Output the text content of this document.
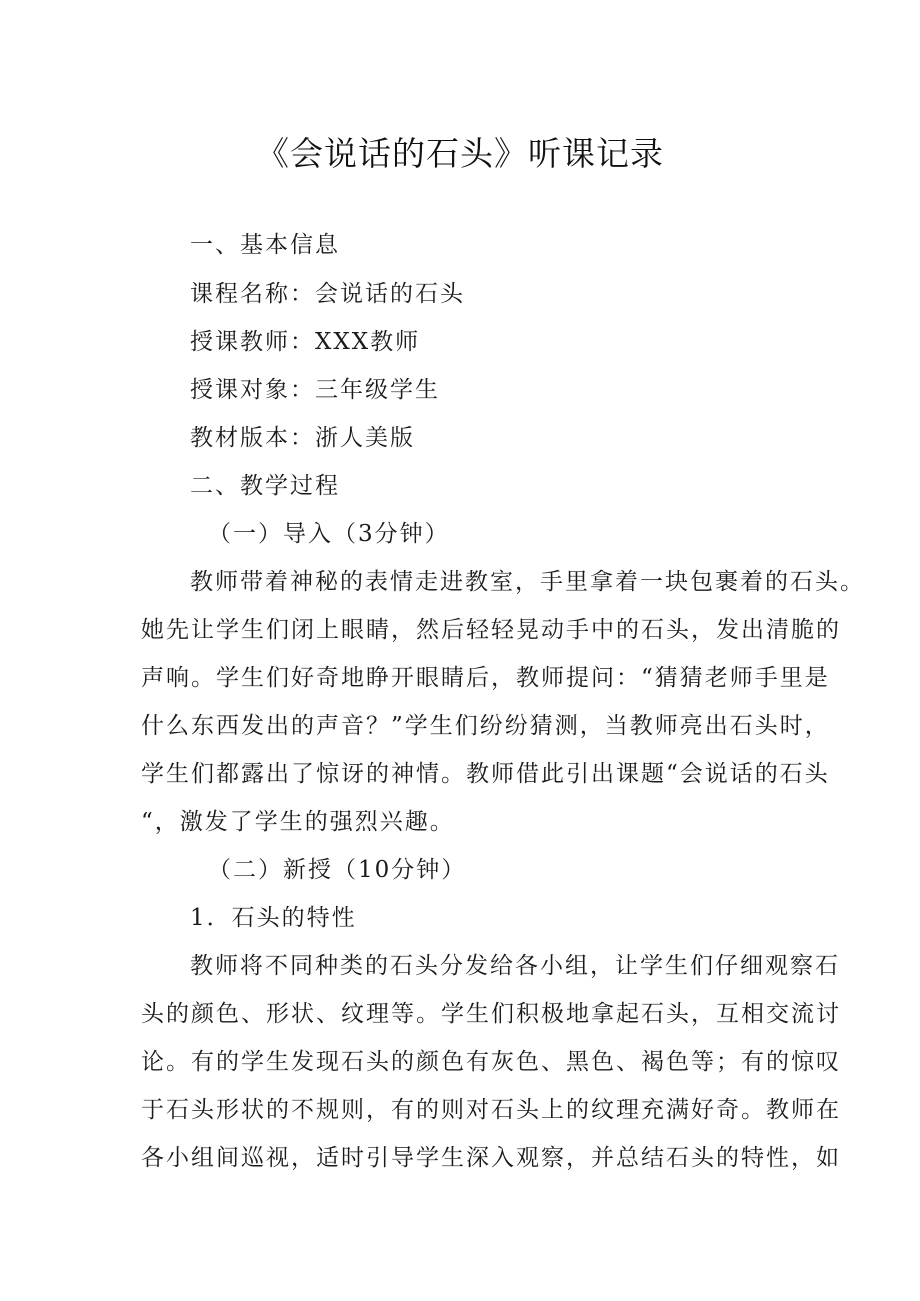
《会说话的石头》听课记录
一、基本信息
课程名称：会说话的石头
授课教师：XXX教师
授课对象：三年级学生
教材版本：浙人美版
二、教学过程
（一）导入（3分钟）
教师带着神秘的表情走进教室，手里拿着一块包裹着的石头。
她先让学生们闭上眼睛，然后轻轻晃动手中的石头，发出清脆的
声响。学生们好奇地睁开眼睛后，教师提问：“猜猜老师手里是
什么东西发出的声音？”学生们纷纷猜测，当教师亮出石头时，
学生们都露出了惊讶的神情。教师借此引出课题“会说话的石头
“，激发了学生的强烈兴趣。
（二）新授（10分钟）
1．石头的特性
教师将不同种类的石头分发给各小组，让学生们仔细观察石
头的颜色、形状、纹理等。学生们积极地拿起石头，互相交流讨
论。有的学生发现石头的颜色有灰色、黑色、褐色等；有的惊叹
于石头形状的不规则，有的则对石头上的纹理充满好奇。教师在
各小组间巡视，适时引导学生深入观察，并总结石头的特性，如
